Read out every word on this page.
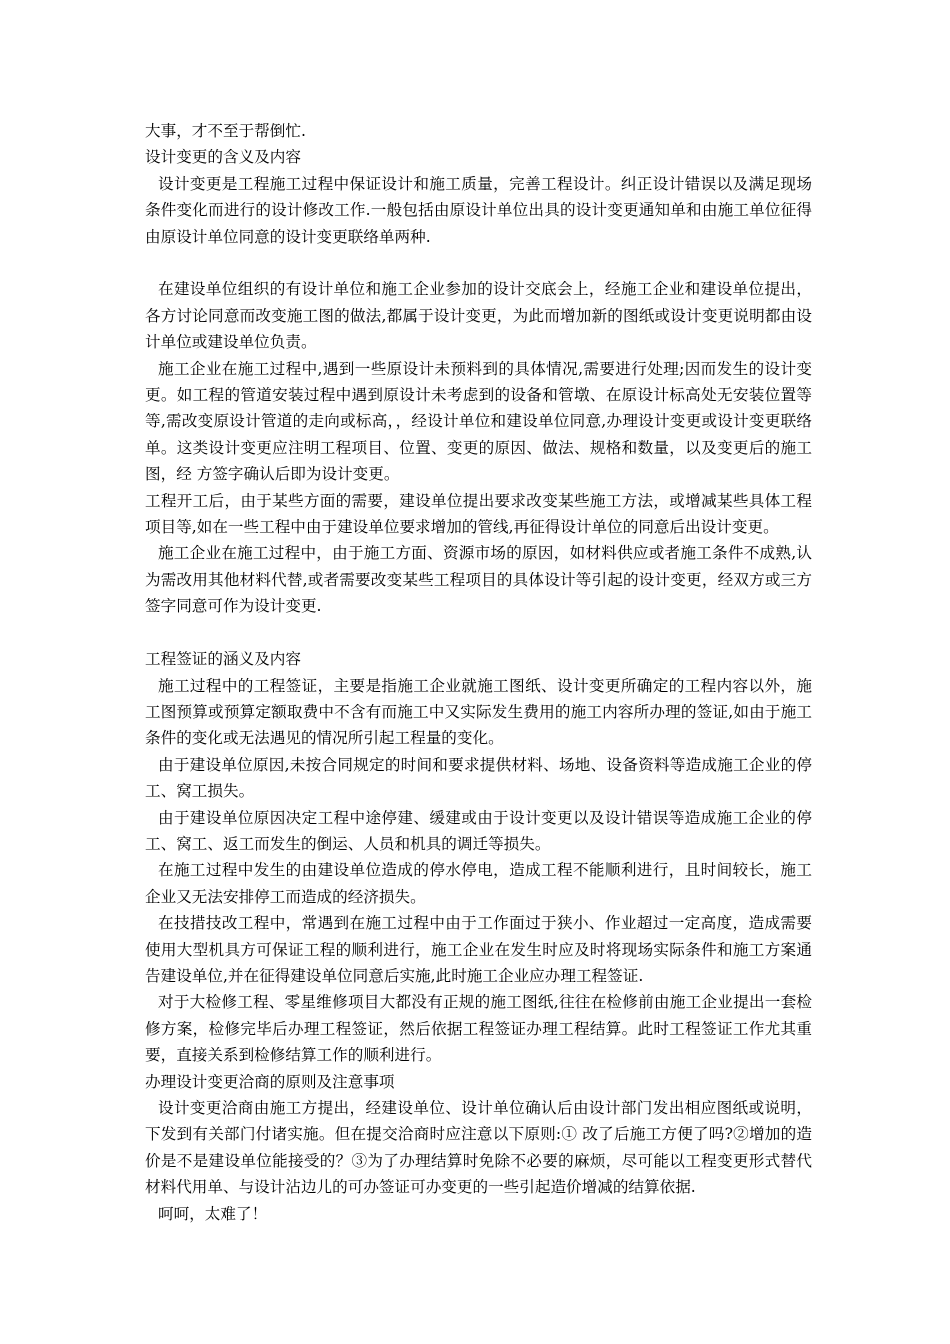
大事，才不至于帮倒忙.

设计变更的含义及内容

设计变更是工程施工过程中保证设计和施工质量，完善工程设计。纠正设计错误以及满足现场条件变化而进行的设计修改工作.一般包括由原设计单位出具的设计变更通知单和由施工单位征得由原设计单位同意的设计变更联络单两种.

在建设单位组织的有设计单位和施工企业参加的设计交底会上，经施工企业和建设单位提出，各方讨论同意而改变施工图的做法,都属于设计变更，为此而增加新的图纸或设计变更说明都由设计单位或建设单位负责。

施工企业在施工过程中,遇到一些原设计未预料到的具体情况,需要进行处理;因而发生的设计变更。如工程的管道安装过程中遇到原设计未考虑到的设备和管墩、在原设计标高处无安装位置等等,需改变原设计管道的走向或标高，，经设计单位和建设单位同意,办理设计变更或设计变更联络单。这类设计变更应注明工程项目、位置、变更的原因、做法、规格和数量，以及变更后的施工图，经 方签字确认后即为设计变更。

工程开工后，由于某些方面的需要，建设单位提出要求改变某些施工方法，或增减某些具体工程项目等,如在一些工程中由于建设单位要求增加的管线,再征得设计单位的同意后出设计变更。

施工企业在施工过程中，由于施工方面、资源市场的原因，如材料供应或者施工条件不成熟,认为需改用其他材料代替,或者需要改变某些工程项目的具体设计等引起的设计变更，经双方或三方签字同意可作为设计变更.

工程签证的涵义及内容

施工过程中的工程签证，主要是指施工企业就施工图纸、设计变更所确定的工程内容以外，施工图预算或预算定额取费中不含有而施工中又实际发生费用的施工内容所办理的签证,如由于施工条件的变化或无法遇见的情况所引起工程量的变化。

由于建设单位原因,未按合同规定的时间和要求提供材料、场地、设备资料等造成施工企业的停工、窝工损失。

由于建设单位原因决定工程中途停建、缓建或由于设计变更以及设计错误等造成施工企业的停工、窝工、返工而发生的倒运、人员和机具的调迁等损失。

在施工过程中发生的由建设单位造成的停水停电，造成工程不能顺利进行，且时间较长，施工企业又无法安排停工而造成的经济损失。

在技措技改工程中，常遇到在施工过程中由于工作面过于狭小、作业超过一定高度，造成需要使用大型机具方可保证工程的顺利进行，施工企业在发生时应及时将现场实际条件和施工方案通告建设单位,并在征得建设单位同意后实施,此时施工企业应办理工程签证.

对于大检修工程、零星维修项目大都没有正规的施工图纸,往往在检修前由施工企业提出一套检修方案，检修完毕后办理工程签证，然后依据工程签证办理工程结算。此时工程签证工作尤其重要，直接关系到检修结算工作的顺利进行。

办理设计变更洽商的原则及注意事项

设计变更洽商由施工方提出，经建设单位、设计单位确认后由设计部门发出相应图纸或说明，下发到有关部门付诸实施。但在提交洽商时应注意以下原则:① 改了后施工方便了吗?②增加的造价是不是建设单位能接受的？③为了办理结算时免除不必要的麻烦，尽可能以工程变更形式替代材料代用单、与设计沾边儿的可办签证可办变更的一些引起造价增减的结算依据.

呵呵，太难了！
